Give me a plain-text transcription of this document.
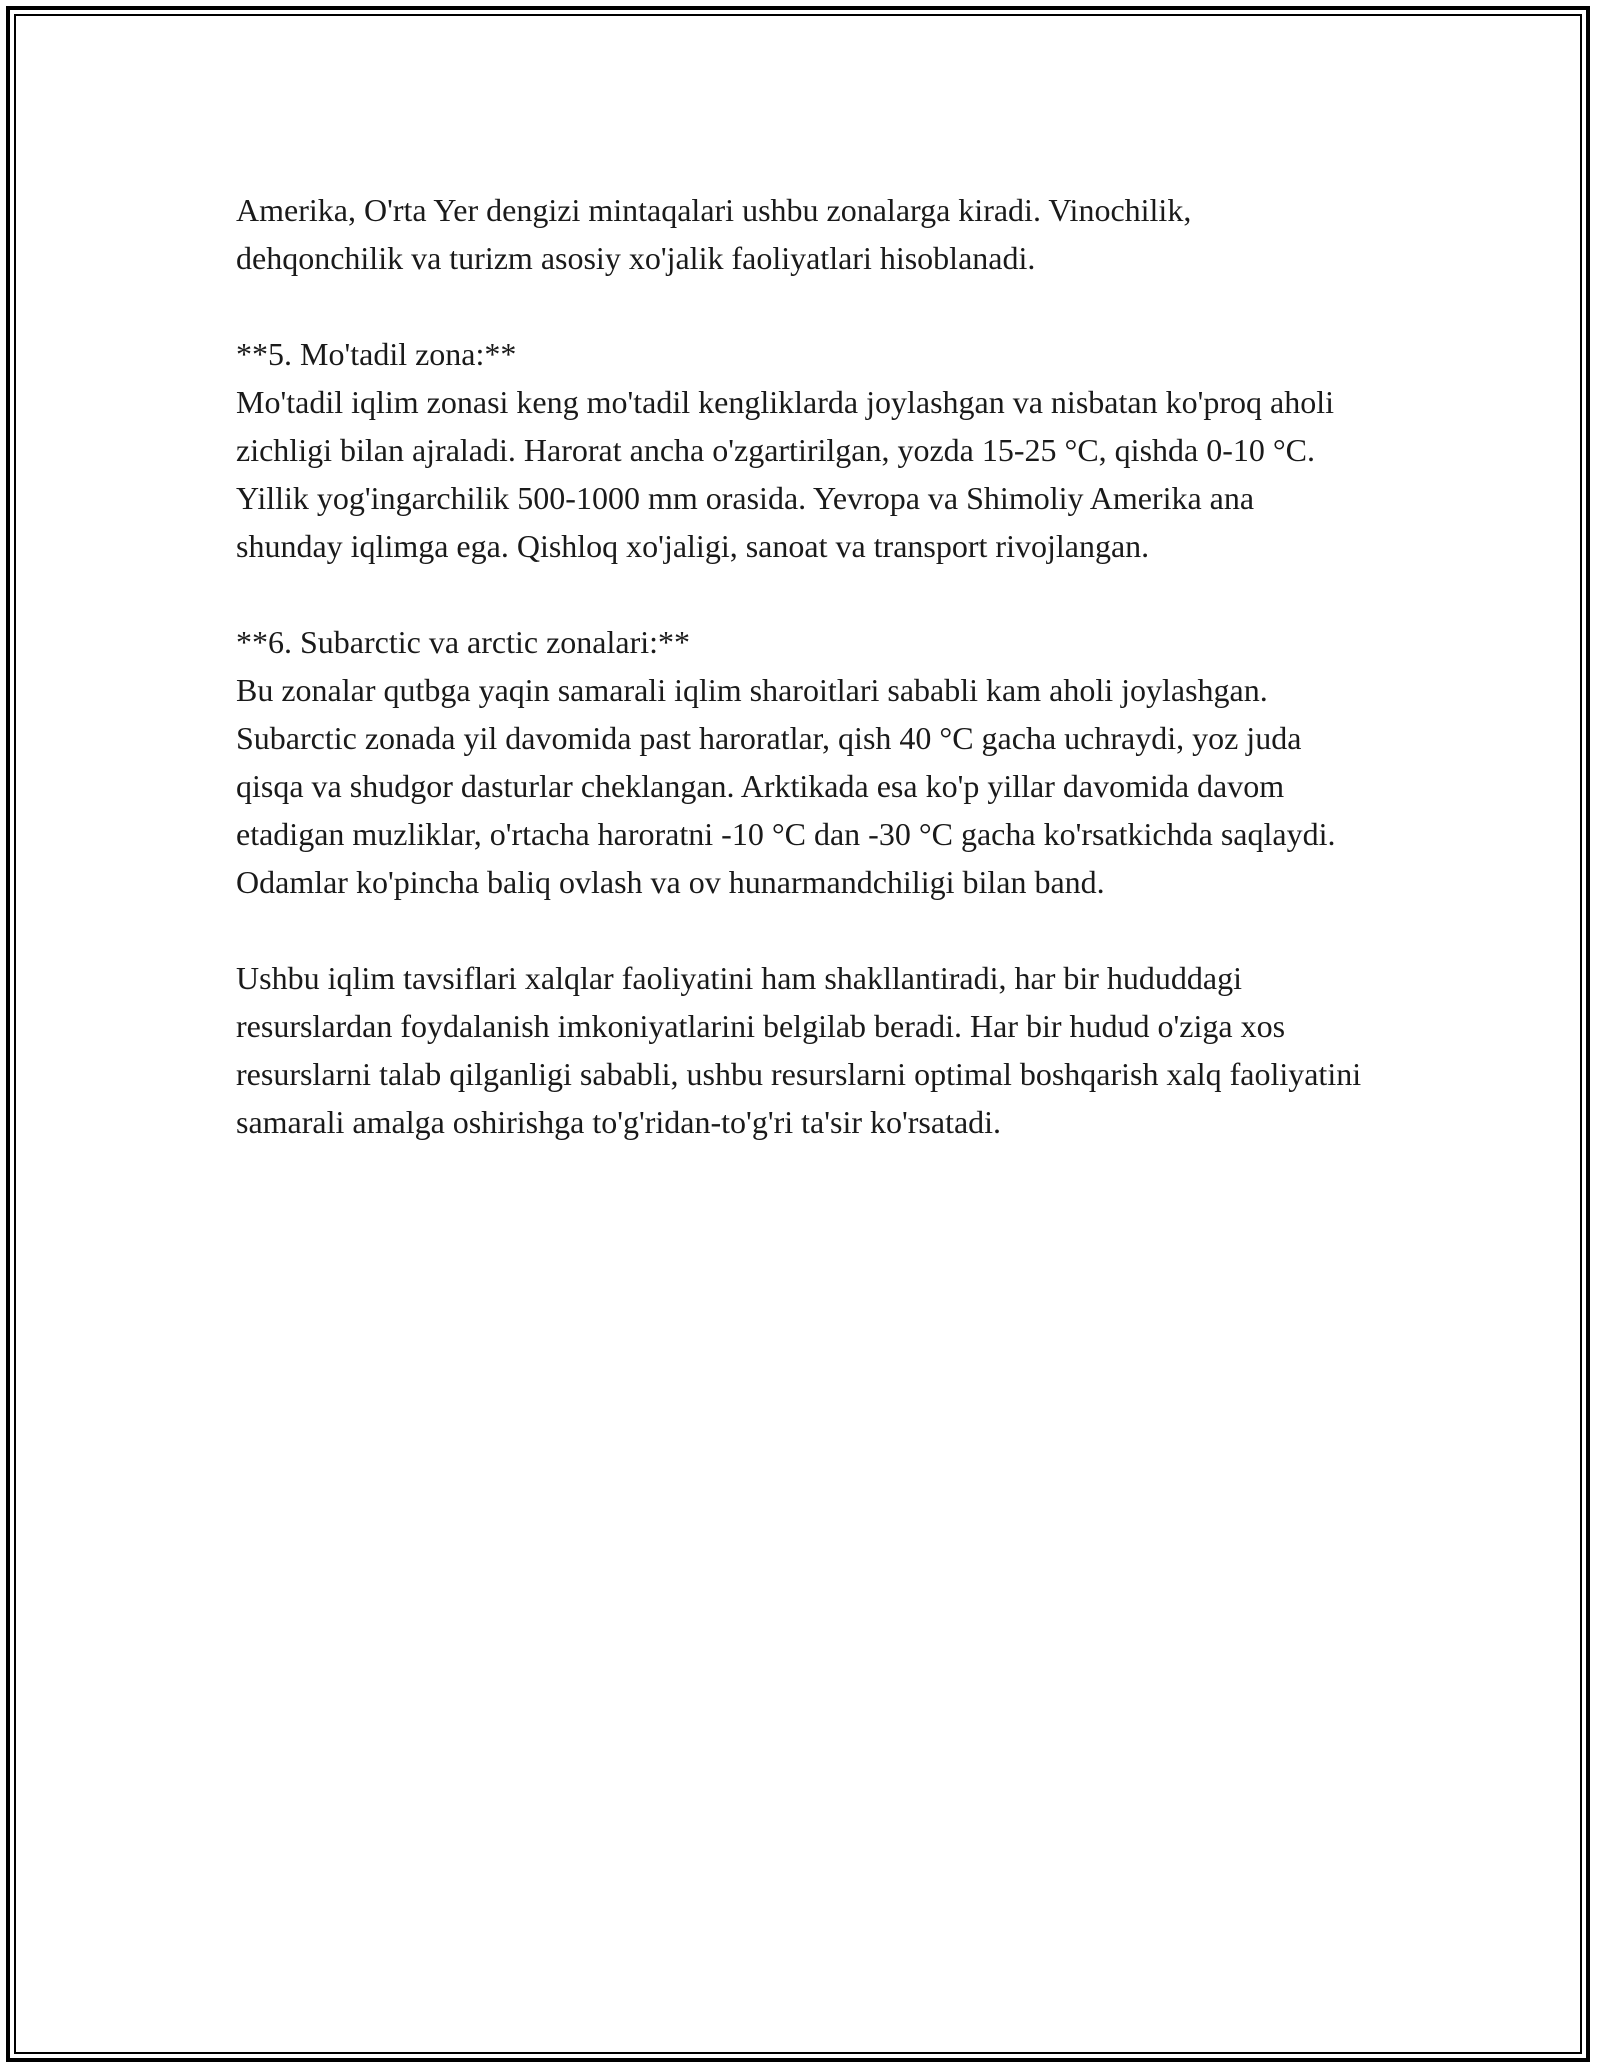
Amerika, O'rta Yer dengizi mintaqalari ushbu zonalarga kiradi. Vinochilik, dehqonchilik va turizm asosiy xo'jalik faoliyatlari hisoblanadi.

**5. Mo'tadil zona:**
Mo'tadil iqlim zonasi keng mo'tadil kengliklarda joylashgan va nisbatan ko'proq aholi zichligi bilan ajraladi. Harorat ancha o'zgartirilgan, yozda 15-25 °C, qishda 0-10 °C. Yillik yog'ingarchilik 500-1000 mm orasida. Yevropa va Shimoliy Amerika ana shunday iqlimga ega. Qishloq xo'jaligi, sanoat va transport rivojlangan.

**6. Subarctic va arctic zonalari:**
Bu zonalar qutbga yaqin samarali iqlim sharoitlari sababli kam aholi joylashgan. Subarctic zonada yil davomida past haroratlar, qish 40 °C gacha uchraydi, yoz juda qisqa va shudgor dasturlar cheklangan. Arktikada esa ko'p yillar davomida davom etadigan muzliklar, o'rtacha haroratni -10 °C dan -30 °C gacha ko'rsatkichda saqlaydi. Odamlar ko'pincha baliq ovlash va ov hunarmandchiligi bilan band.

Ushbu iqlim tavsiflari xalqlar faoliyatini ham shakllantiradi, har bir hududdagi resurslardan foydalanish imkoniyatlarini belgilab beradi. Har bir hudud o'ziga xos resurslarni talab qilganligi sababli, ushbu resurslarni optimal boshqarish xalq faoliyatini samarali amalga oshirishga to'g'ridan-to'g'ri ta'sir ko'rsatadi.
